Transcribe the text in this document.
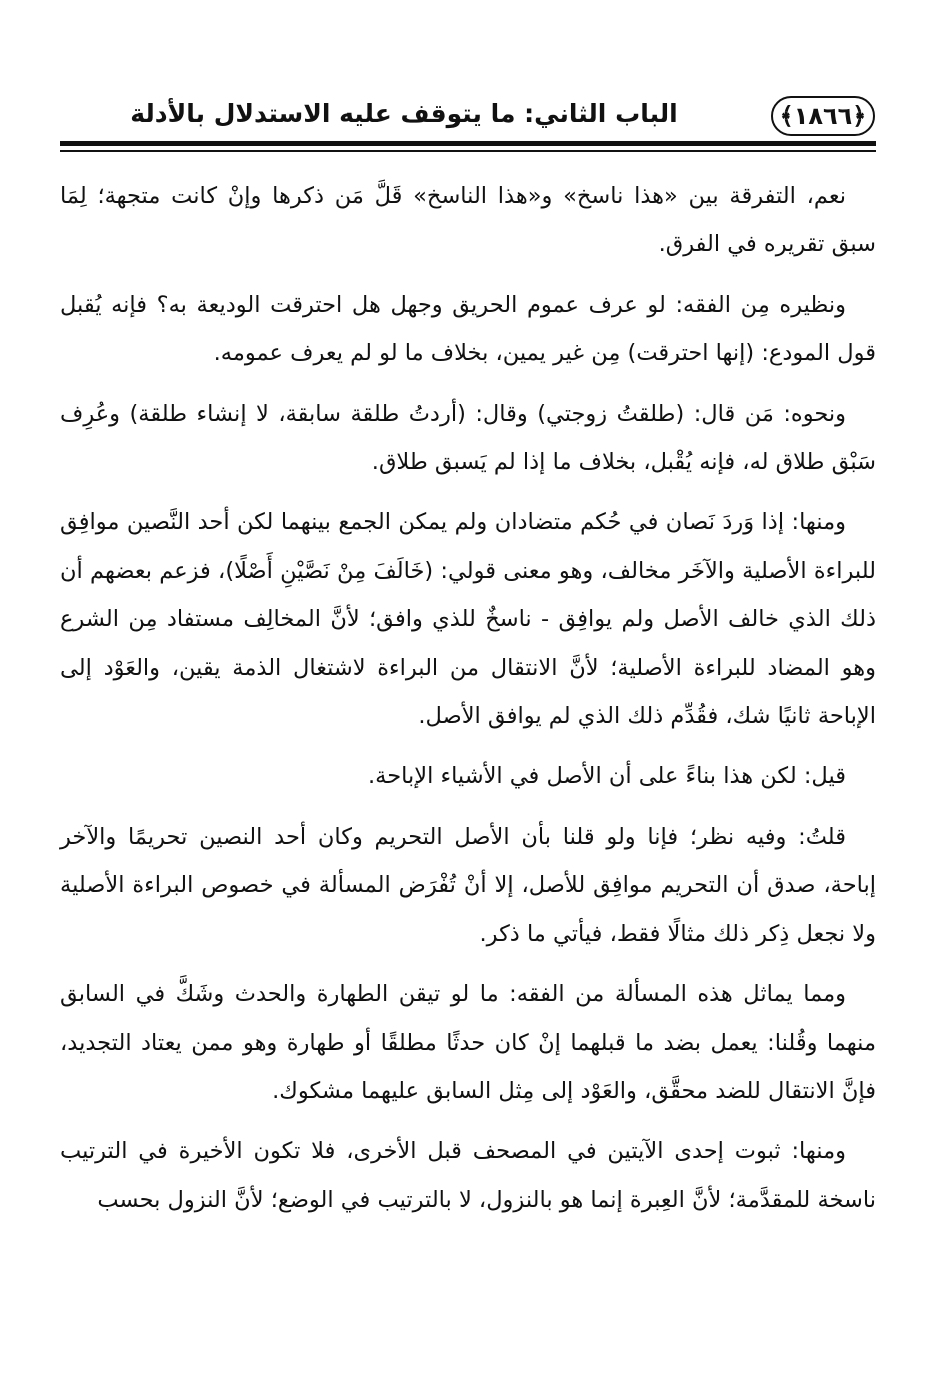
﴿١٨٦٦﴾
الباب الثاني: ما يتوقف عليه الاستدلال بالأدلة

نعم، التفرقة بين «هذا ناسخ» و«هذا الناسخ» قَلَّ مَن ذكرها وإنْ كانت متجهة؛ لِمَا سبق تقريره في الفرق.

ونظيره مِن الفقه: لو عرف عموم الحريق وجهل هل احترقت الوديعة به؟ فإنه يُقبل قول المودع: (إنها احترقت) مِن غير يمين، بخلاف ما لو لم يعرف عمومه.

ونحوه: مَن قال: (طلقتُ زوجتي) وقال: (أردتُ طلقة سابقة، لا إنشاء طلقة) وعُرِف سَبْق طلاق له، فإنه يُقْبل، بخلاف ما إذا لم يَسبق طلاق.

ومنها: إذا وَردَ نَصان في حُكم متضادان ولم يمكن الجمع بينهما لكن أحد النَّصين موافِق للبراءة الأصلية والآخَر مخالف، وهو معنى قولي: (خَالَفَ مِنْ نَصَّيْنِ أَصْلًا)، فزعم بعضهم أن ذلك الذي خالف الأصل ولم يوافِق - ناسخٌ للذي وافق؛ لأنَّ المخالِف مستفاد مِن الشرع وهو المضاد للبراءة الأصلية؛ لأنَّ الانتقال من البراءة لاشتغال الذمة يقين، والعَوْد إلى الإباحة ثانيًا شك، فقُدِّم ذلك الذي لم يوافق الأصل.

قيل: لكن هذا بناءً على أن الأصل في الأشياء الإباحة.

قلتُ: وفيه نظر؛ فإنا ولو قلنا بأن الأصل التحريم وكان أحد النصين تحريمًا والآخر إباحة، صدق أن التحريم موافِق للأصل، إلا أنْ تُفْرَض المسألة في خصوص البراءة الأصلية ولا نجعل ذِكر ذلك مثالًا فقط، فيأتي ما ذكر.

ومما يماثل هذه المسألة من الفقه: ما لو تيقن الطهارة والحدث وشَكَّ في السابق منهما وقُلنا: يعمل بضد ما قبلهما إنْ كان حدثًا مطلقًا أو طهارة وهو ممن يعتاد التجديد، فإنَّ الانتقال للضد محقَّق، والعَوْد إلى مِثل السابق عليهما مشكوك.

ومنها: ثبوت إحدى الآيتين في المصحف قبل الأخرى، فلا تكون الأخيرة في الترتيب ناسخة للمقدَّمة؛ لأنَّ العِبرة إنما هو بالنزول، لا بالترتيب في الوضع؛ لأنَّ النزول بحسب
